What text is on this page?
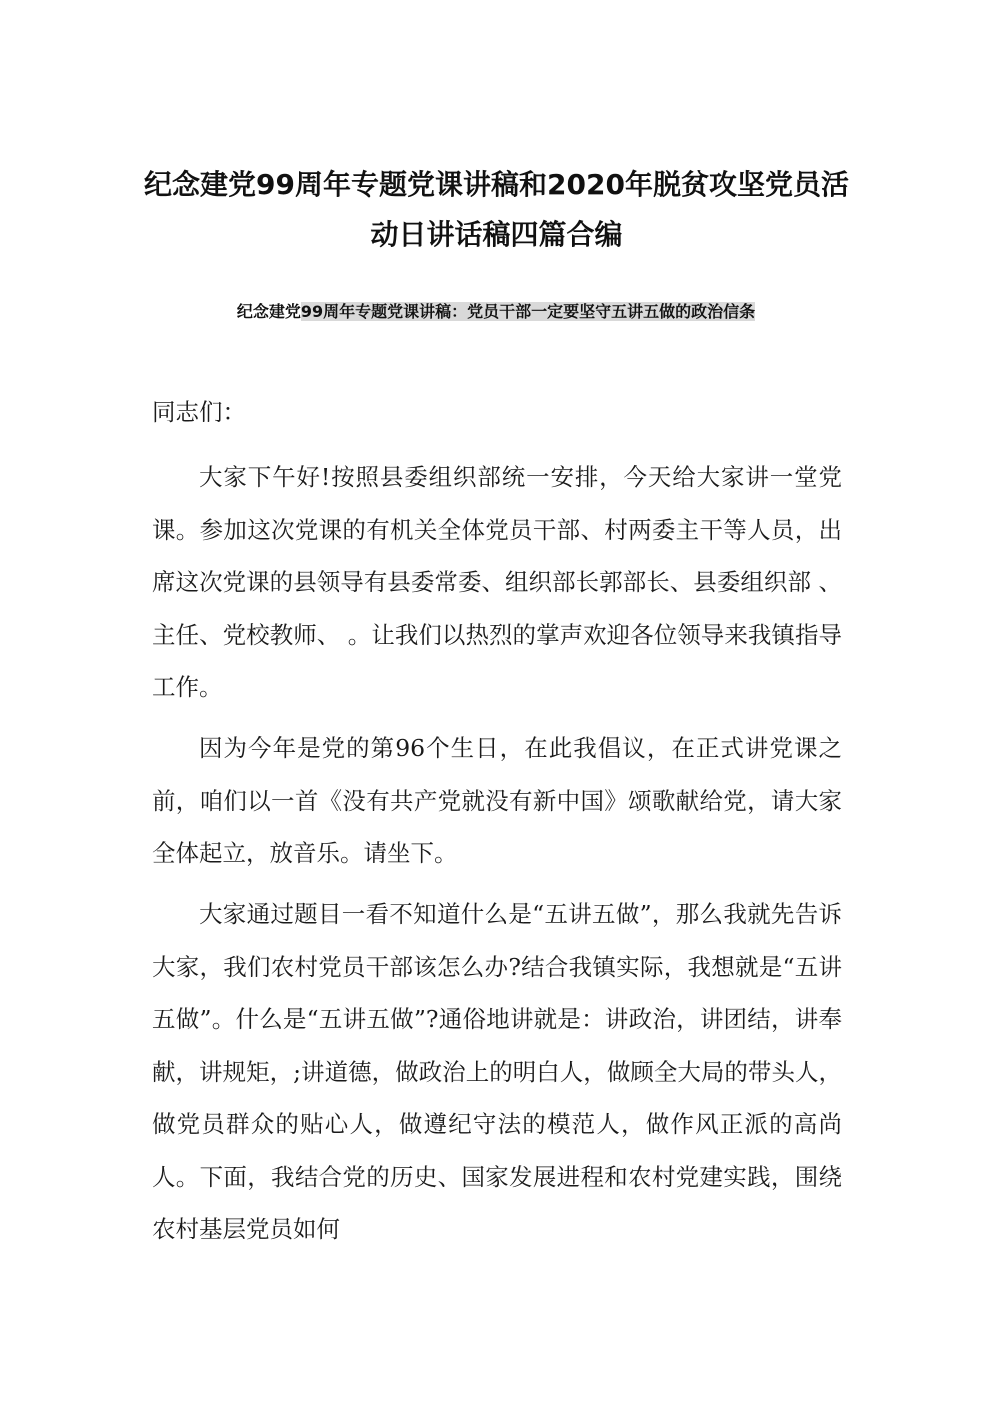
纪念建党99周年专题党课讲稿和2020年脱贫攻坚党员活动日讲话稿四篇合编
纪念建党99周年专题党课讲稿：党员干部一定要坚守五讲五做的政治信条

同志们：

大家下午好!按照县委组织部统一安排，今天给大家讲一堂党课。参加这次党课的有机关全体党员干部、村两委主干等人员，出席这次党课的县领导有县委常委、组织部长郭部长、县委组织部 、 主任、党校教师、 。让我们以热烈的掌声欢迎各位领导来我镇指导工作。

因为今年是党的第96个生日，在此我倡议，在正式讲党课之前，咱们以一首《没有共产党就没有新中国》颂歌献给党，请大家全体起立，放音乐。请坐下。

大家通过题目一看不知道什么是“五讲五做”，那么我就先告诉大家，我们农村党员干部该怎么办?结合我镇实际，我想就是“五讲五做”。什么是“五讲五做”?通俗地讲就是：讲政治，讲团结，讲奉献，讲规矩，;讲道德，做政治上的明白人，做顾全大局的带头人，做党员群众的贴心人，做遵纪守法的模范人，做作风正派的高尚人。下面，我结合党的历史、国家发展进程和农村党建实践，围绕农村基层党员如何
